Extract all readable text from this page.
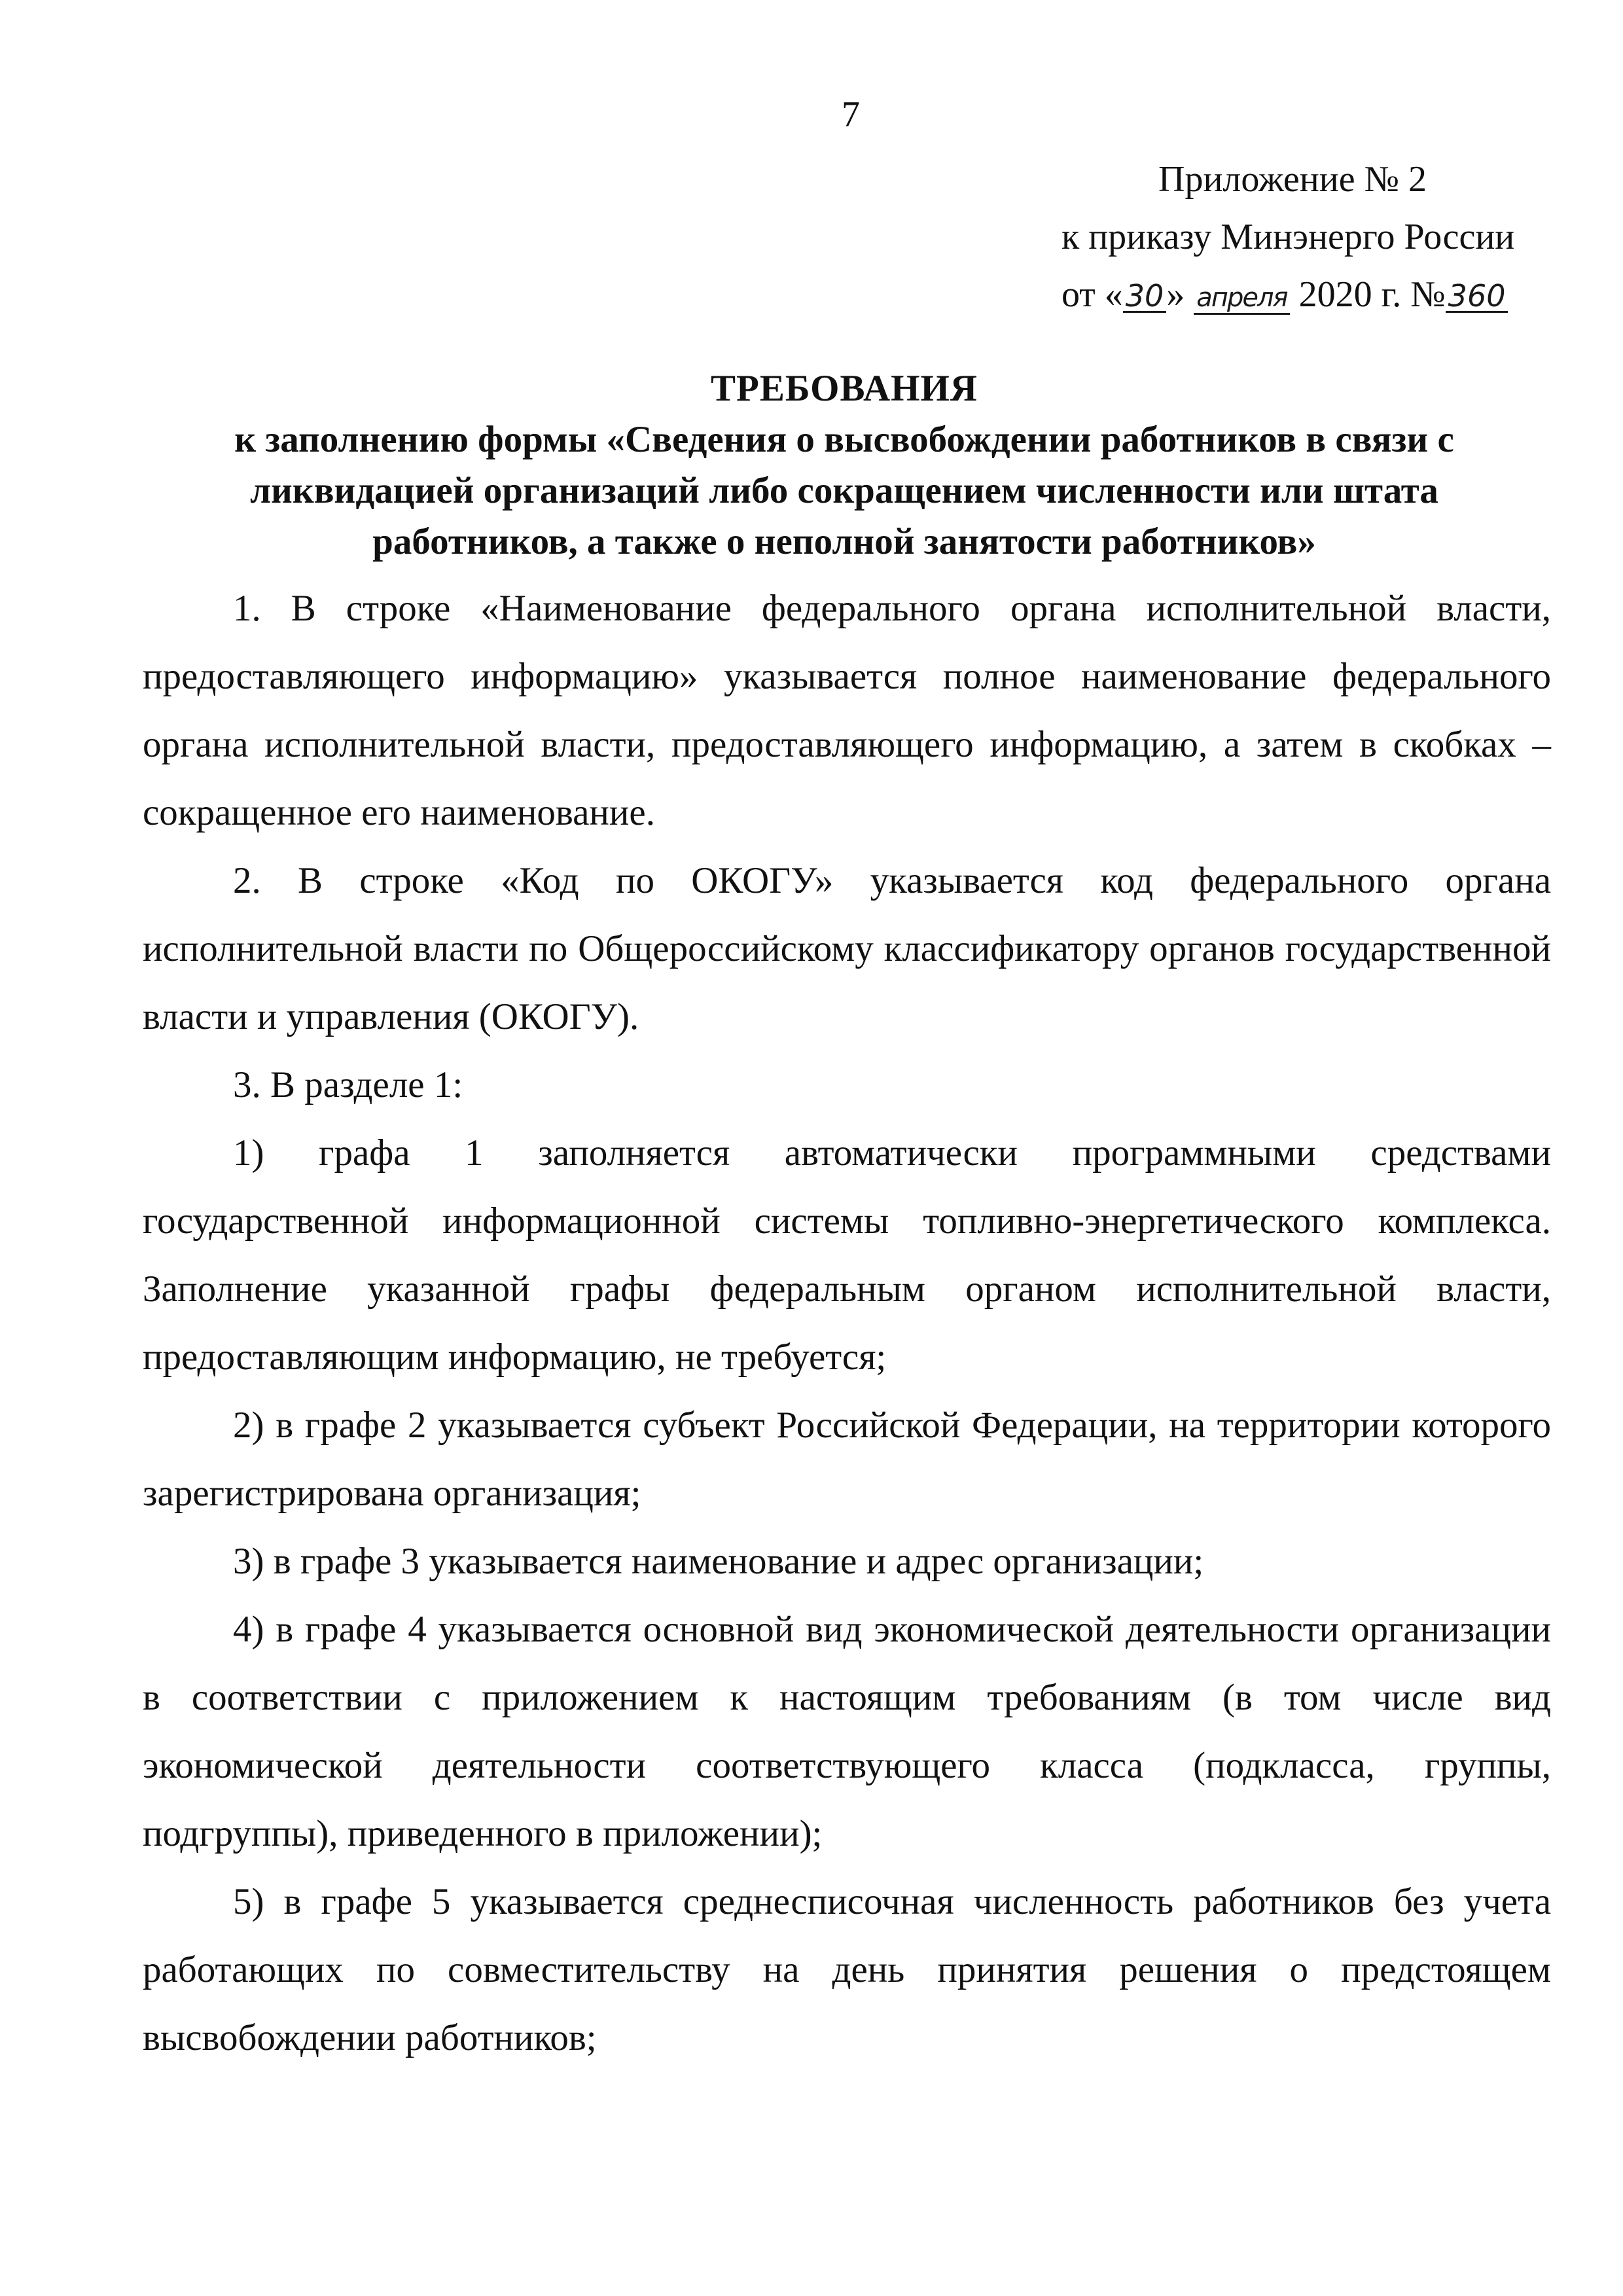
7
Приложение № 2
к приказу Минэнерго России
от «30» апреля 2020 г. №360
ТРЕБОВАНИЯ
к заполнению формы «Сведения о высвобождении работников в связи с
ликвидацией организаций либо сокращением численности или штата
работников, а также о неполной занятости работников»

1. В строке «Наименование федерального органа исполнительной власти, предоставляющего информацию» указывается полное наименование федерального органа исполнительной власти, предоставляющего информацию, а затем в скобках – сокращенное его наименование.

2. В строке «Код по ОКОГУ» указывается код федерального органа исполнительной власти по Общероссийскому классификатору органов государственной власти и управления (ОКОГУ).

3. В разделе 1:

1) графа 1 заполняется автоматически программными средствами государственной информационной системы топливно-энергетического комплекса. Заполнение указанной графы федеральным органом исполнительной власти, предоставляющим информацию, не требуется;

2) в графе 2 указывается субъект Российской Федерации, на территории которого зарегистрирована организация;

3) в графе 3 указывается наименование и адрес организации;

4) в графе 4 указывается основной вид экономической деятельности организации в соответствии с приложением к настоящим требованиям (в том числе вид экономической деятельности соответствующего класса (подкласса, группы, подгруппы), приведенного в приложении);

5) в графе 5 указывается среднесписочная численность работников без учета работающих по совместительству на день принятия решения о предстоящем высвобождении работников;
